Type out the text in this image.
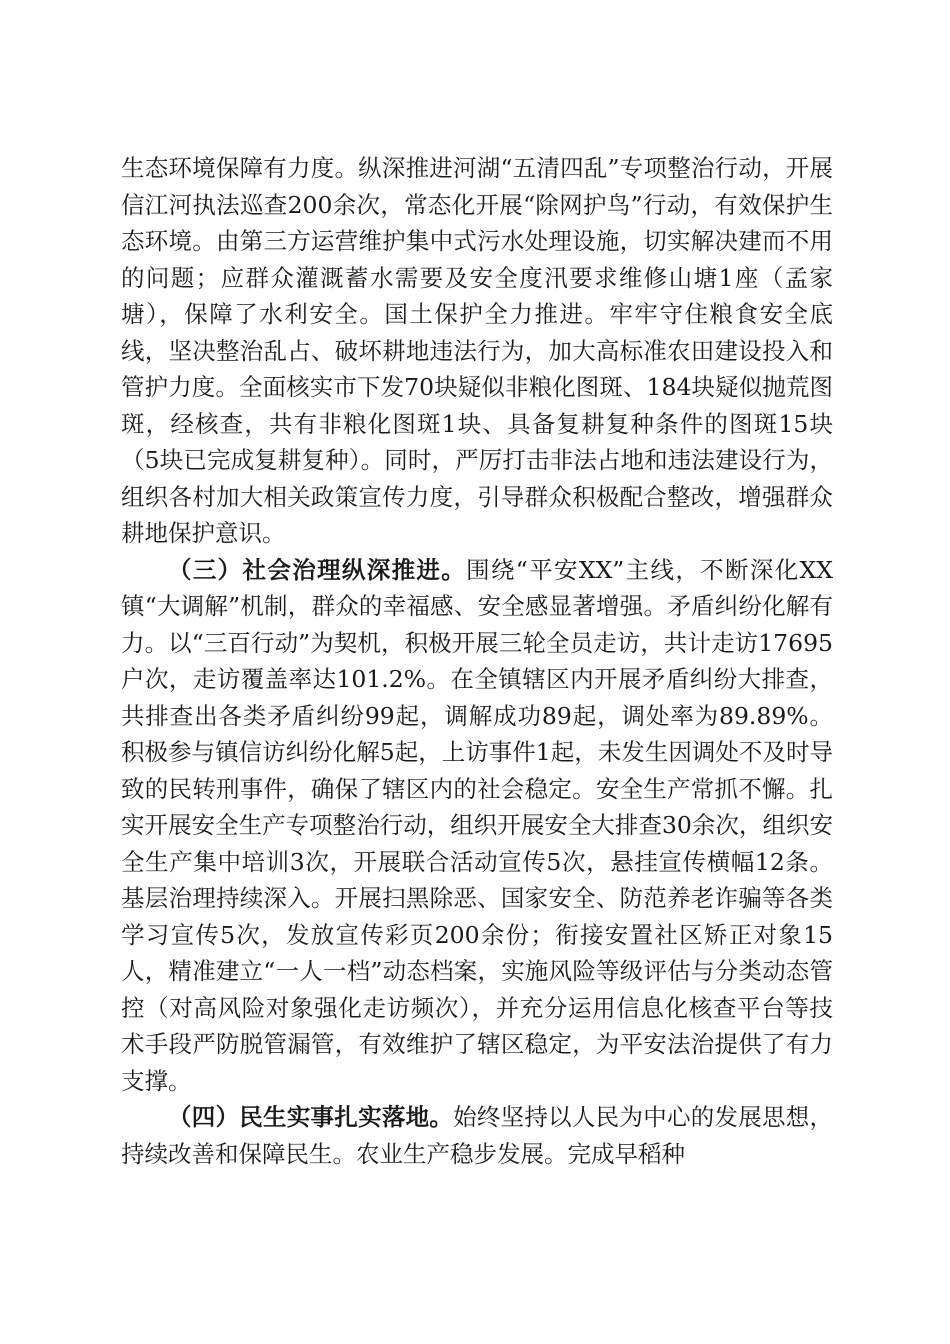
生态环境保障有力度。纵深推进河湖“五清四乱”专项整治行动，开展信江河执法巡查200余次，常态化开展“除网护鸟”行动，有效保护生态环境。由第三方运营维护集中式污水处理设施，切实解决建而不用的问题；应群众灌溉蓄水需要及安全度汛要求维修山塘1座（孟家塘），保障了水利安全。国土保护全力推进。牢牢守住粮食安全底线，坚决整治乱占、破坏耕地违法行为，加大高标准农田建设投入和管护力度。全面核实市下发70块疑似非粮化图斑、184块疑似抛荒图斑，经核查，共有非粮化图斑1块、具备复耕复种条件的图斑15块（5块已完成复耕复种）。同时，严厉打击非法占地和违法建设行为，组织各村加大相关政策宣传力度，引导群众积极配合整改，增强群众耕地保护意识。

（三）社会治理纵深推进。围绕“平安XX”主线，不断深化XX镇“大调解”机制，群众的幸福感、安全感显著增强。矛盾纠纷化解有力。以“三百行动”为契机，积极开展三轮全员走访，共计走访17695户次，走访覆盖率达101.2%。在全镇辖区内开展矛盾纠纷大排查，共排查出各类矛盾纠纷99起，调解成功89起，调处率为89.89%。积极参与镇信访纠纷化解5起，上访事件1起，未发生因调处不及时导致的民转刑事件，确保了辖区内的社会稳定。安全生产常抓不懈。扎实开展安全生产专项整治行动，组织开展安全大排查30余次，组织安全生产集中培训3次，开展联合活动宣传5次，悬挂宣传横幅12条。基层治理持续深入。开展扫黑除恶、国家安全、防范养老诈骗等各类学习宣传5次，发放宣传彩页200余份；衔接安置社区矫正对象15人，精准建立“一人一档”动态档案，实施风险等级评估与分类动态管控（对高风险对象强化走访频次），并充分运用信息化核查平台等技术手段严防脱管漏管，有效维护了辖区稳定，为平安法治提供了有力支撑。

（四）民生实事扎实落地。始终坚持以人民为中心的发展思想，持续改善和保障民生。农业生产稳步发展。完成早稻种
